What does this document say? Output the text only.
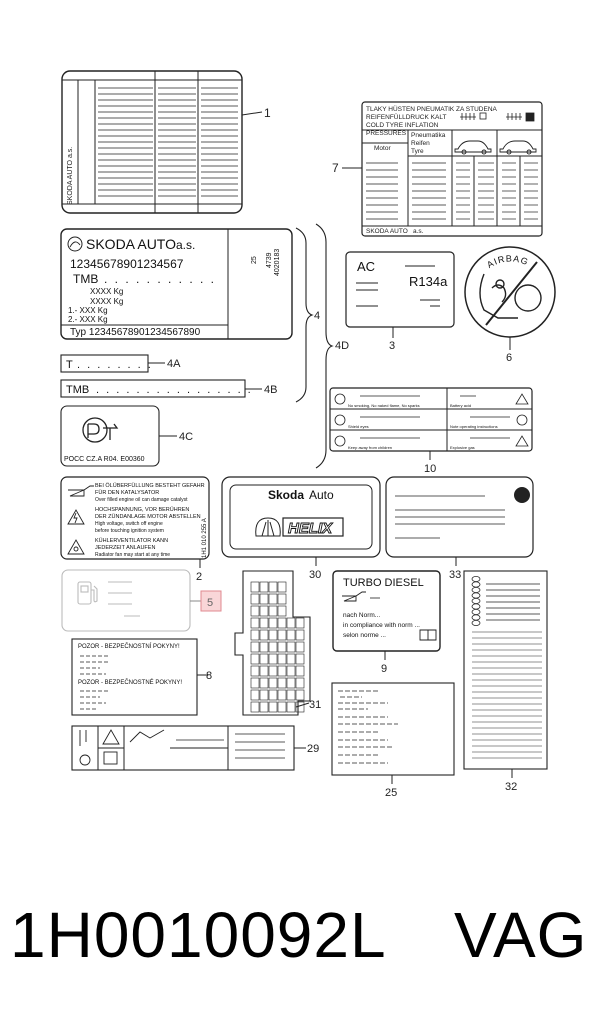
SKODA AUTO a.s.
1	TLAKY HÜSTEN PNEUMATIK ZA STUDENA
REIFENFÜLLDRUCK KALT
COLD TYRE INFLATION
PRESSURES Pneumatika
Reifen
Tyre
Motor
SKODA AUTO a.s.
7
SKODA AUTO a.s.
12345678901234567
TMB . . . . . . . . . . .
XXXX Kg
XXXX Kg
1.- XXX Kg
2.- XXX Kg
Typ 12345678901234567890
25 4739 4020183
T . . . . . . . . 4A
TMB . . . . . . . . . . . . . . . . 4B
POCC CZ.A R04. E00360
4C
4
4D
AC
R134a
3
AIRBAG
6
No smoking, No naked flame, No sparks	Battery acid
Shield eyes	Note operating instructions
Keep away from children	Explosive gas
10
BEI ÖLÜBERFÜLLUNG BESTEHT GEFAHR
FÜR DEN KATALYSATOR
Over filled engine oil can damage catalyst
HOCHSPANNUNG, VOR BERÜHREN
DER ZÜNDANLAGE MOTOR ABSTELLEN
High voltage, switch off engine
before touching ignition system
KÜHLERVENTILATOR KANN
JEDERZEIT ANLAUFEN
Radiator fan may start at any time	1H1 010 255 A
2
5
POZOR - BEZPEČNOSTNÍ POKYNY!
POZOR - BEZPEČNOSTNÉ POKYNY!
8
29
Skoda Auto
HELIX
30	33
31
TURBO DIESEL
nach Norm...
in compliance with norm ...
selon norme ...
9
25	32
1H0010092L VAG
